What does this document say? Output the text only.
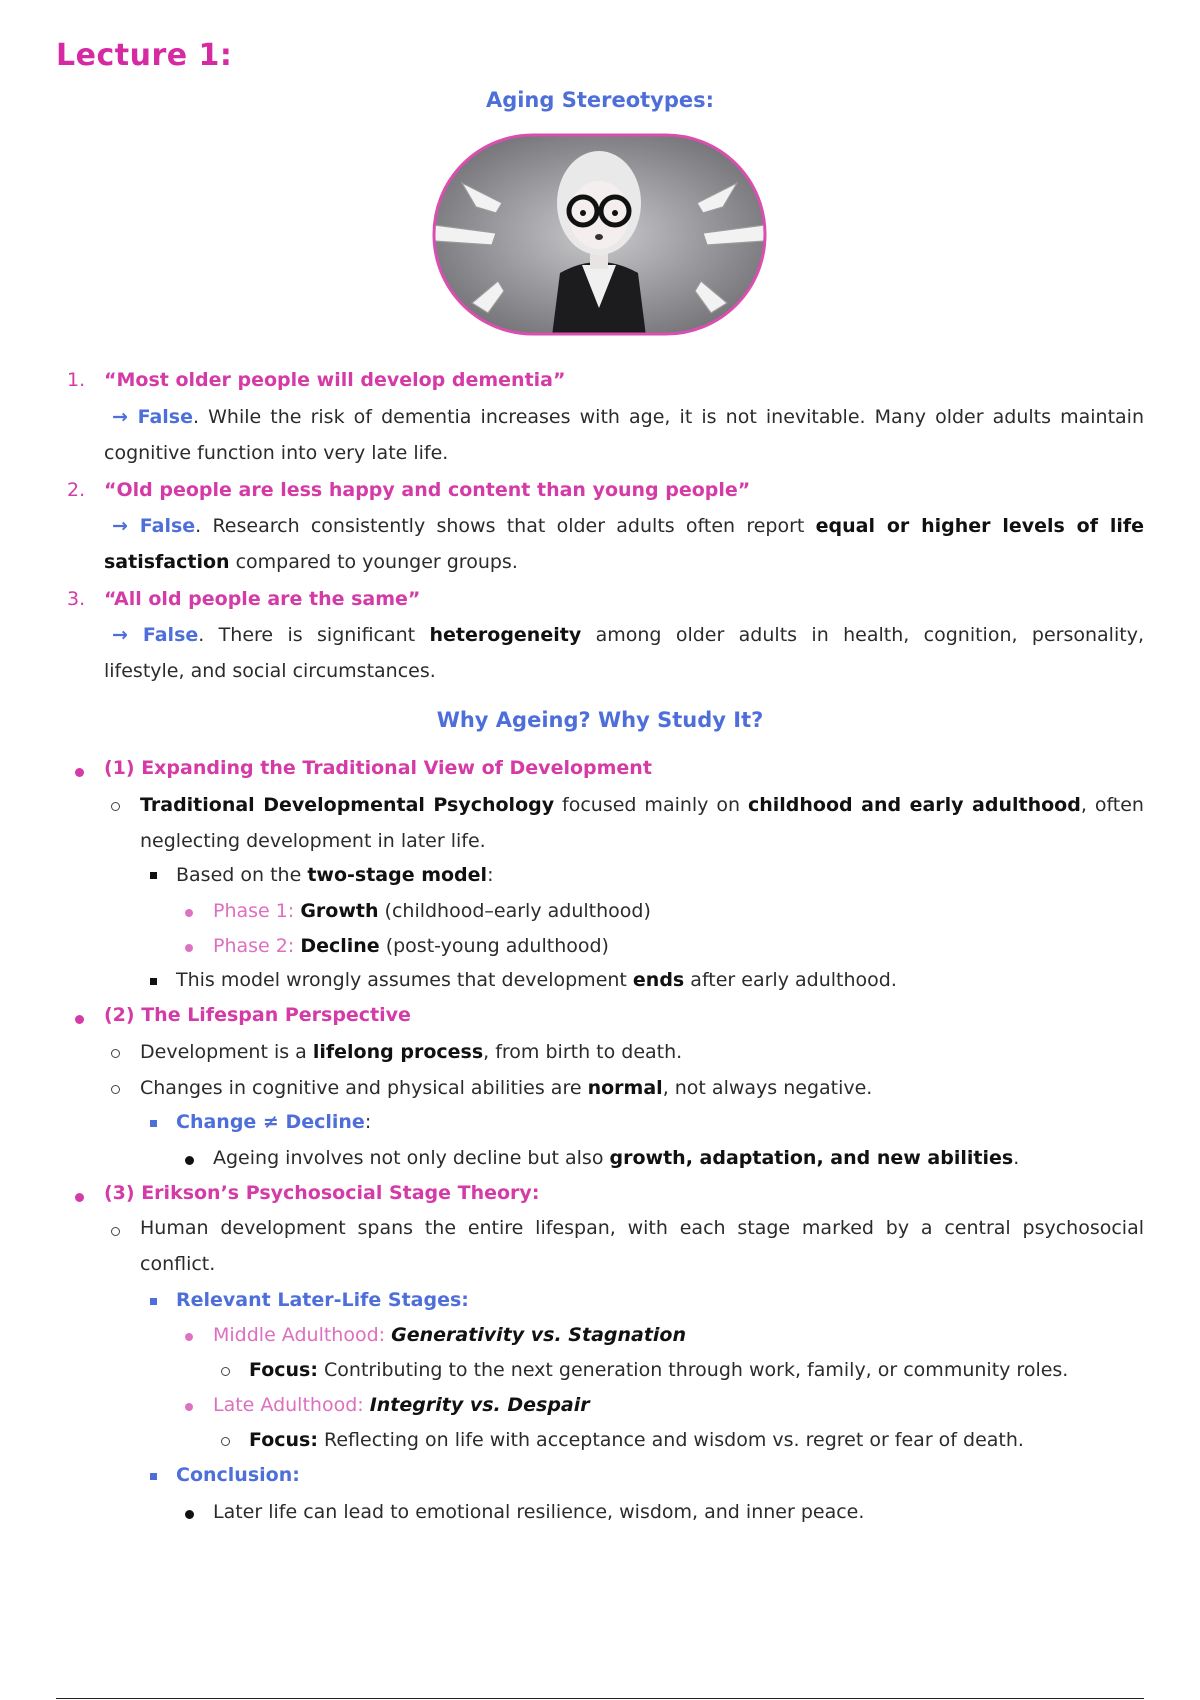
Lecture 1:
Aging Stereotypes:
1. “Most older people will develop dementia”
→ False. While the risk of dementia increases with age, it is not inevitable. Many older adults maintain
cognitive function into very late life.
2. “Old people are less happy and content than young people”
→ False. Research consistently shows that older adults often report equal or higher levels of life
satisfaction compared to younger groups.
3. “All old people are the same”
→ False. There is significant heterogeneity among older adults in health, cognition, personality,
lifestyle, and social circumstances.
Why Ageing? Why Study It?
(1) Expanding the Traditional View of Development
Traditional Developmental Psychology focused mainly on childhood and early adulthood, often
neglecting development in later life.
Based on the two-stage model:
Phase 1: Growth (childhood–early adulthood)
Phase 2: Decline (post-young adulthood)
This model wrongly assumes that development ends after early adulthood.
(2) The Lifespan Perspective
Development is a lifelong process, from birth to death.
Changes in cognitive and physical abilities are normal, not always negative.
Change ≠ Decline:
Ageing involves not only decline but also growth, adaptation, and new abilities.
(3) Erikson’s Psychosocial Stage Theory:
Human development spans the entire lifespan, with each stage marked by a central psychosocial
conflict.
Relevant Later-Life Stages:
Middle Adulthood: Generativity vs. Stagnation
Focus: Contributing to the next generation through work, family, or community roles.
Late Adulthood: Integrity vs. Despair
Focus: Reflecting on life with acceptance and wisdom vs. regret or fear of death.
Conclusion:
Later life can lead to emotional resilience, wisdom, and inner peace.
